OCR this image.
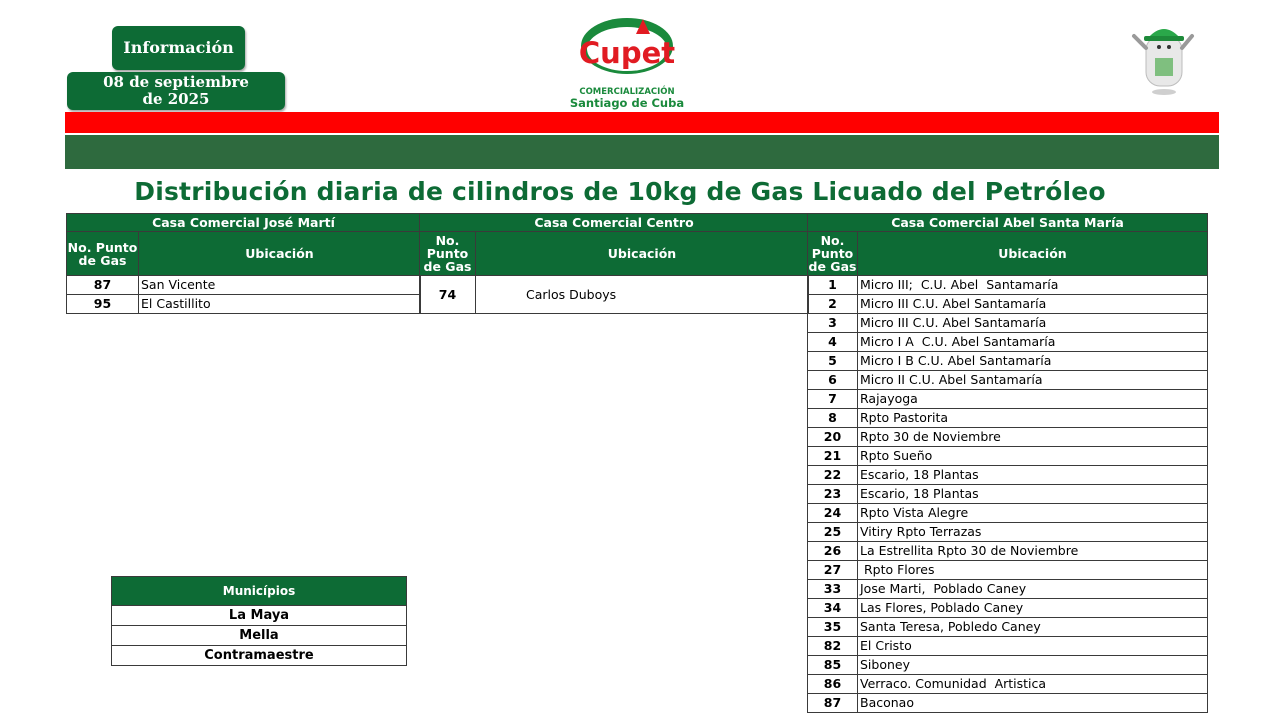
Información
08 de septiembre
de 2025
Cupet
COMERCIALIZACIÓN
Santiago de Cuba
Distribución diaria de cilindros de 10kg de Gas Licuado del Petróleo
Casa Comercial José Martí	
No. Punto de Gas	Ubicación
87	San Vicente
95	El Castillito
Casa Comercial Centro	
No. Punto de Gas	Ubicación
74	Carlos Duboys
Casa Comercial Abel Santa María	
No. Punto de Gas	Ubicación
1	Micro III;  C.U. Abel  Santamaría
2	Micro III C.U. Abel Santamaría
3	Micro III C.U. Abel Santamaría
4	Micro I A  C.U. Abel Santamaría
5	Micro I B C.U. Abel Santamaría
6	Micro II C.U. Abel Santamaría
7	Rajayoga
8	Rpto Pastorita
20	Rpto 30 de Noviembre
21	Rpto Sueño
22	Escario, 18 Plantas
23	Escario, 18 Plantas
24	Rpto Vista Alegre
25	Vitiry Rpto Terrazas
26	La Estrellita Rpto 30 de Noviembre
27	Rpto Flores
33	Jose Marti,  Poblado Caney
34	Las Flores, Poblado Caney
35	Santa Teresa, Pobledo Caney
82	El Cristo
85	Siboney
86	Verraco. Comunidad  Artistica
87	Baconao
Municípios
La Maya
Mella
Contramaestre
